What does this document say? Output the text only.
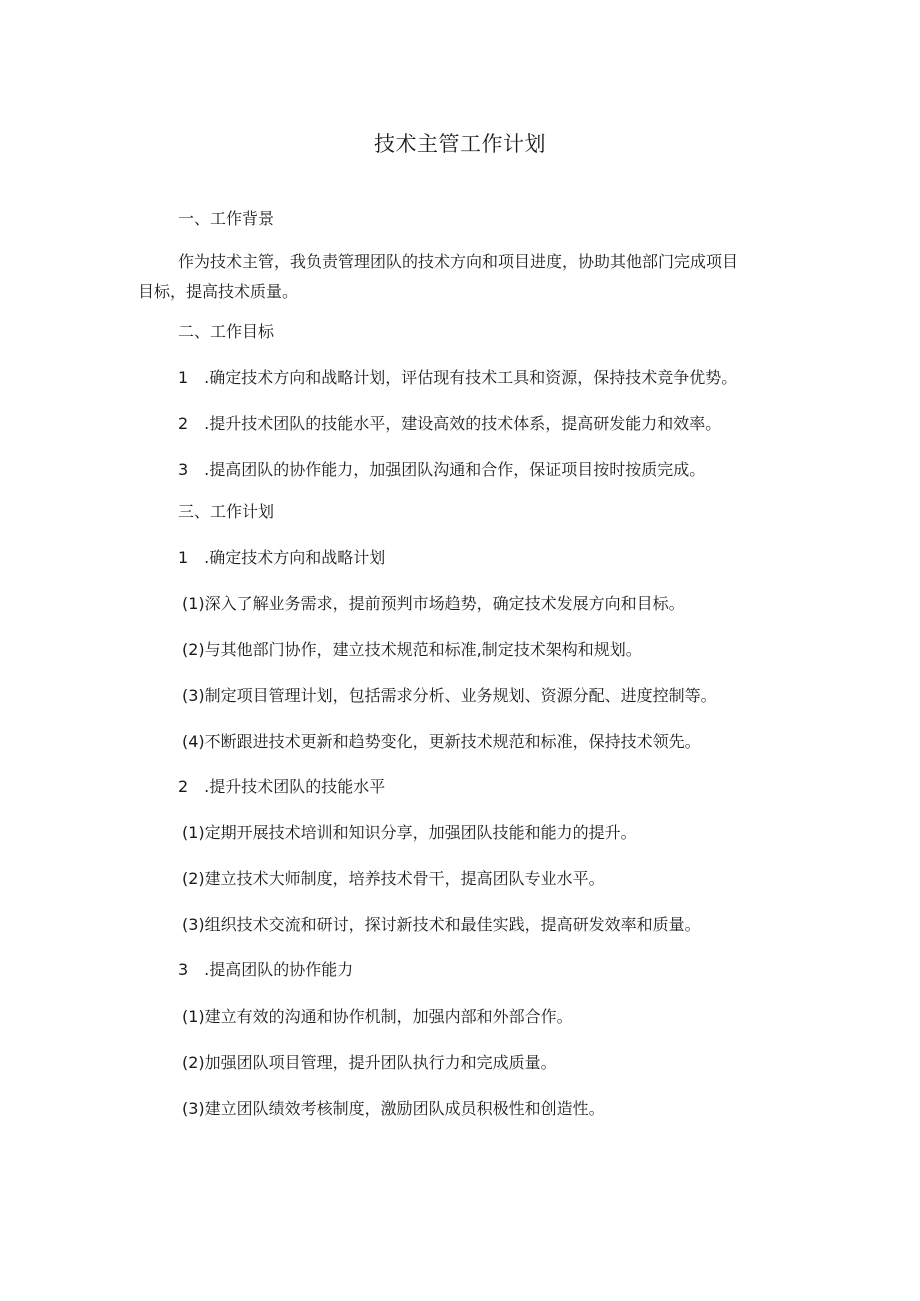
技术主管工作计划
一、工作背景
作为技术主管，我负责管理团队的技术方向和项目进度，协助其他部门完成项目
目标，提高技术质量。
二、工作目标
1　.确定技术方向和战略计划，评估现有技术工具和资源，保持技术竞争优势。
2　.提升技术团队的技能水平，建设高效的技术体系，提高研发能力和效率。
3　.提高团队的协作能力，加强团队沟通和合作，保证项目按时按质完成。
三、工作计划
1　.确定技术方向和战略计划
(1)深入了解业务需求，提前预判市场趋势，确定技术发展方向和目标。
(2)与其他部门协作，建立技术规范和标准,制定技术架构和规划。
(3)制定项目管理计划，包括需求分析、业务规划、资源分配、进度控制等。
(4)不断跟进技术更新和趋势变化，更新技术规范和标准，保持技术领先。
2　.提升技术团队的技能水平
(1)定期开展技术培训和知识分享，加强团队技能和能力的提升。
(2)建立技术大师制度，培养技术骨干，提高团队专业水平。
(3)组织技术交流和研讨，探讨新技术和最佳实践，提高研发效率和质量。
3　.提高团队的协作能力
(1)建立有效的沟通和协作机制，加强内部和外部合作。
(2)加强团队项目管理，提升团队执行力和完成质量。
(3)建立团队绩效考核制度，激励团队成员积极性和创造性。
